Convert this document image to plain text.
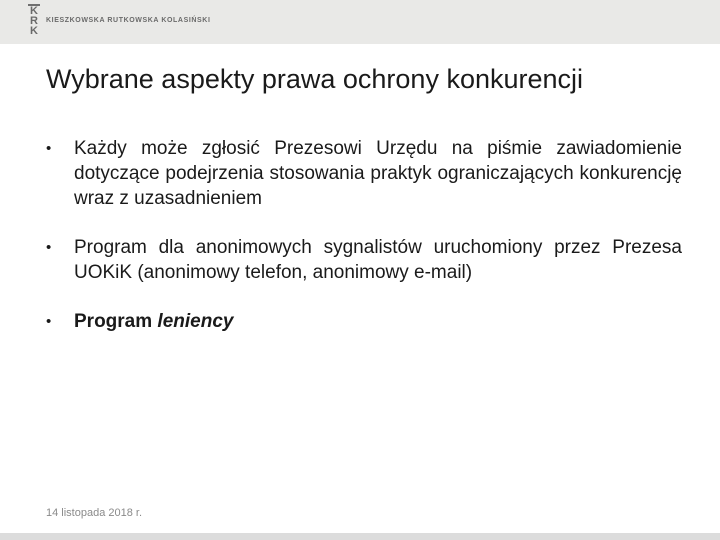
K
R
K
KIESZKOWSKA RUTKOWSKA KOLASIŃSKI
Wybrane aspekty prawa ochrony konkurencji
• Każdy może zgłosić Prezesowi Urzędu na piśmie zawiadomienie dotyczące podejrzenia stosowania praktyk ograniczających konkurencję wraz z uzasadnieniem
• Program dla anonimowych sygnalistów uruchomiony przez Prezesa UOKiK (anonimowy telefon, anonimowy e-mail)
• Program leniency
14 listopada 2018 r.
